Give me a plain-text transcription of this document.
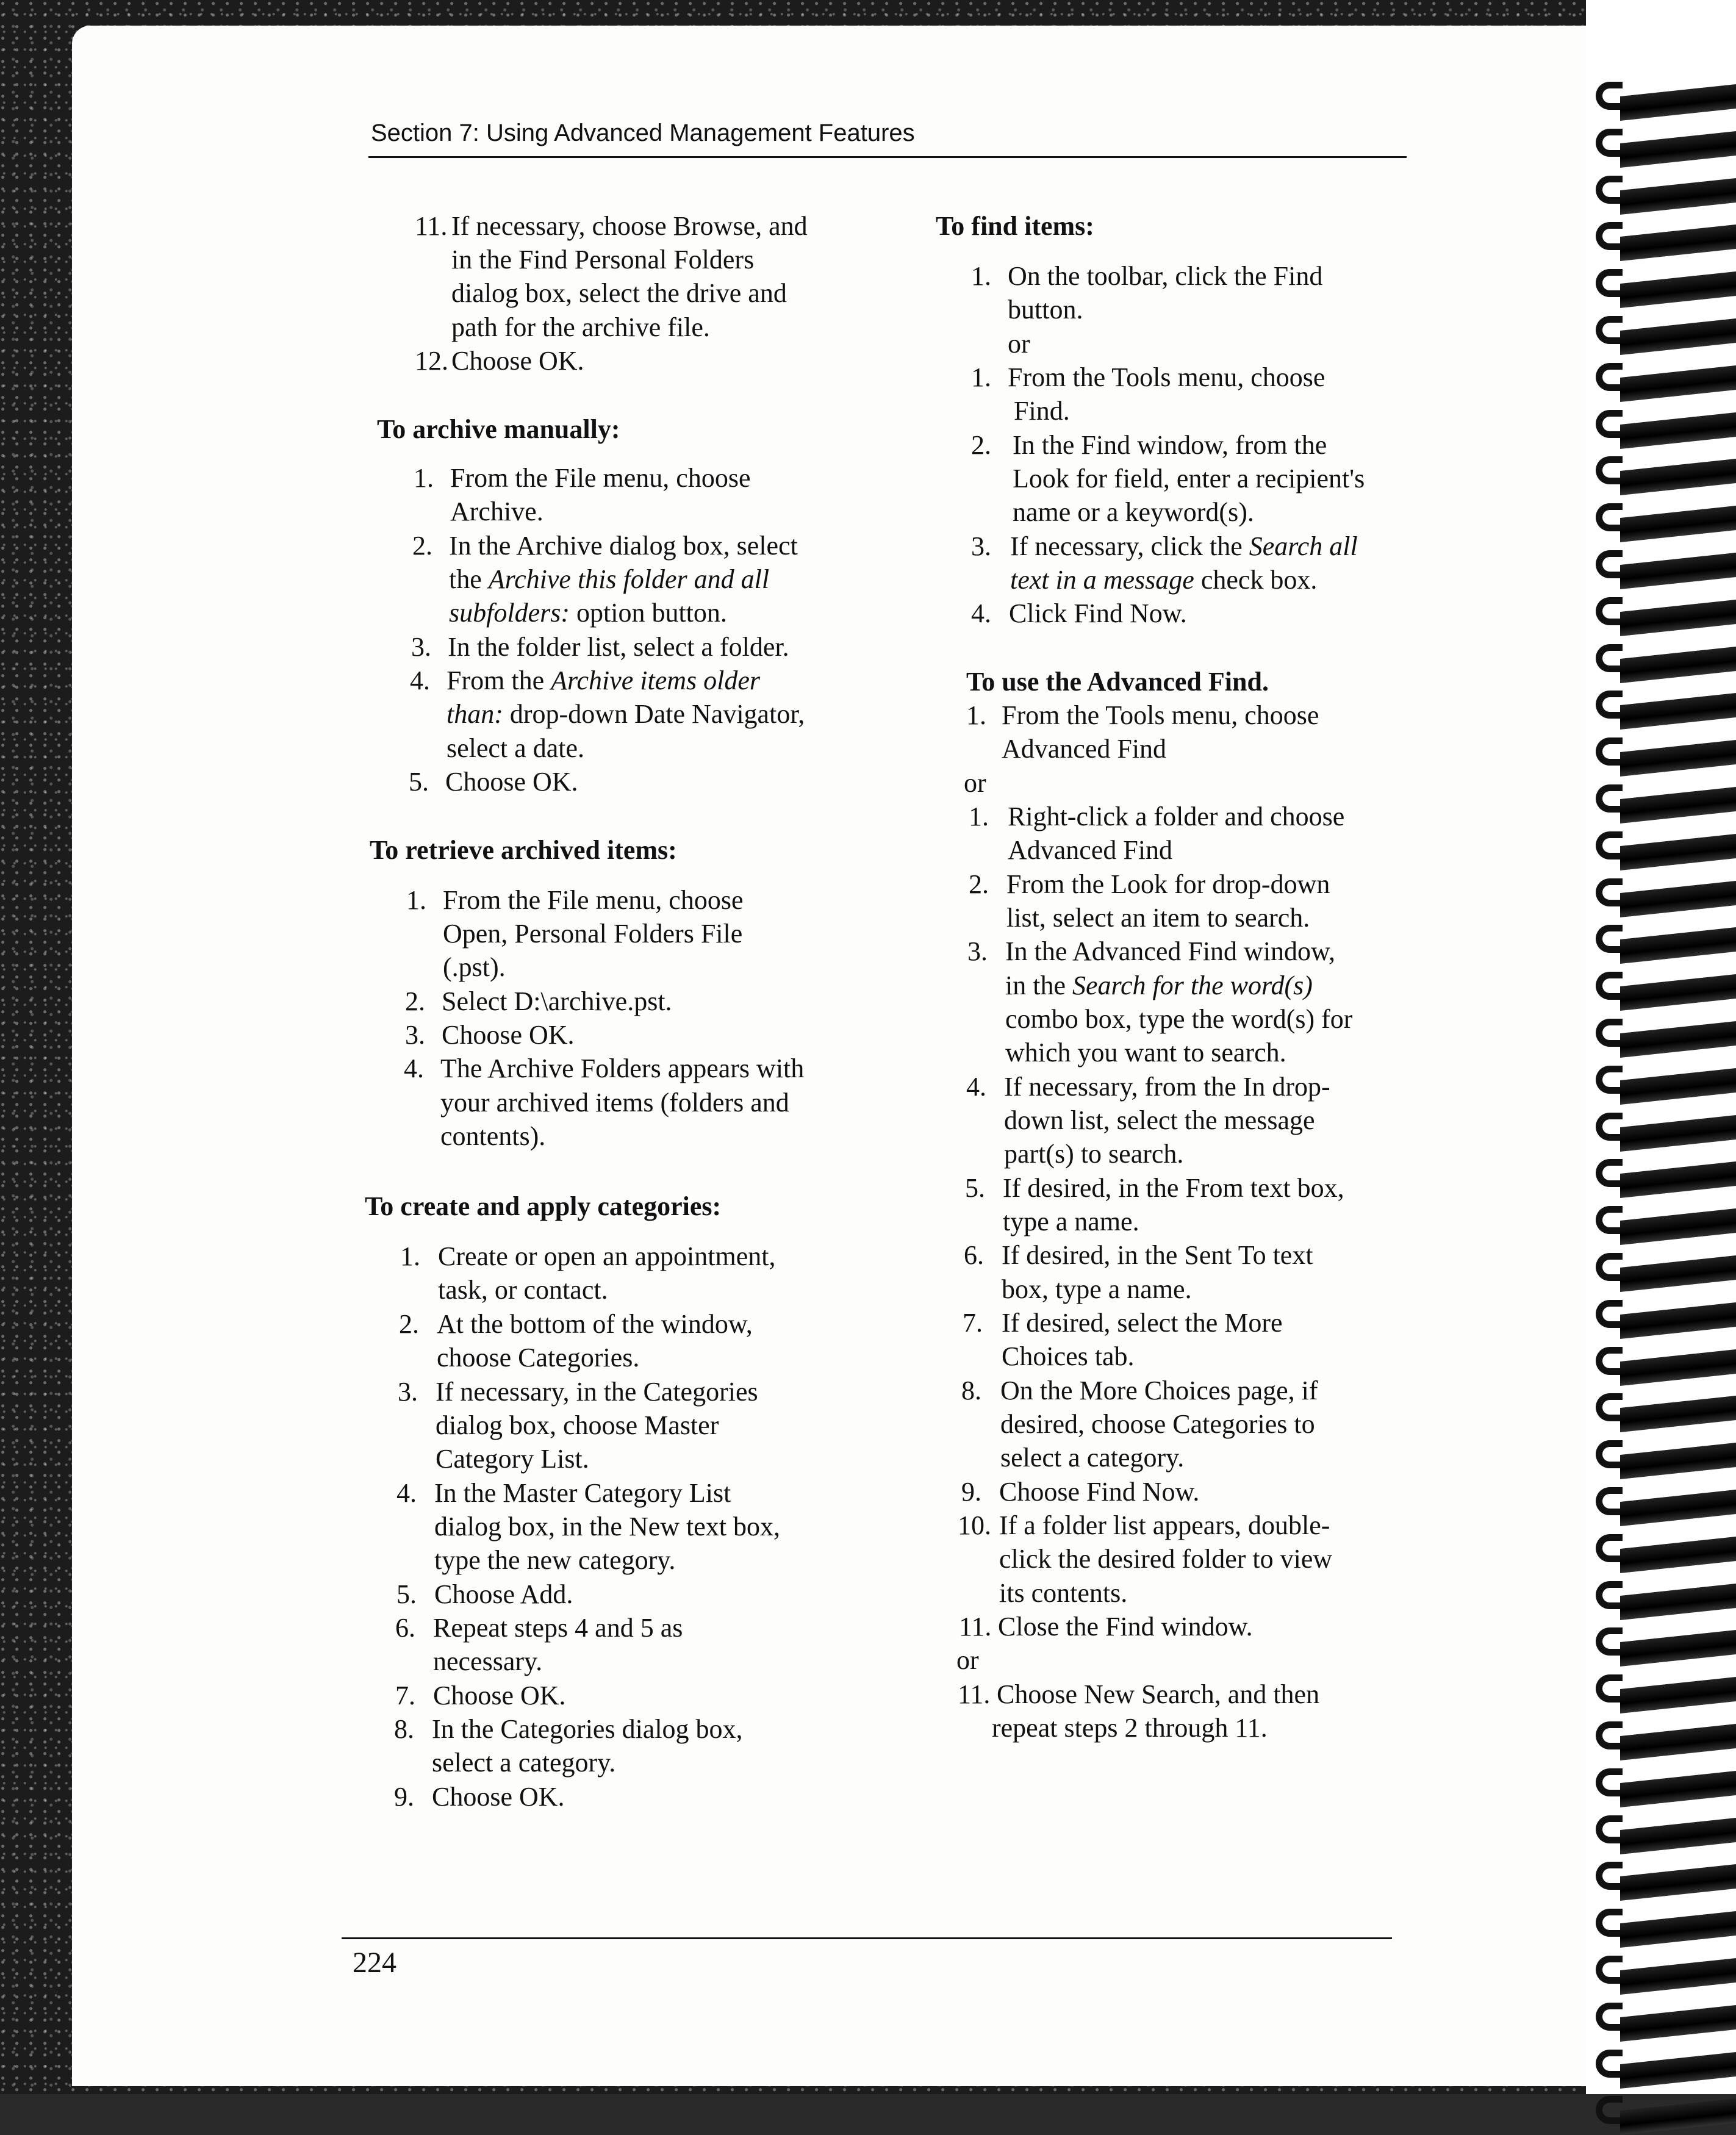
Section 7: Using Advanced Management Features
11. If necessary, choose Browse, and
in the Find Personal Folders
dialog box, select the drive and
path for the archive file.
12. Choose OK.
To archive manually:
1. From the File menu, choose
Archive.
2. In the Archive dialog box, select
the Archive this folder and all
subfolders: option button.
3. In the folder list, select a folder.
4. From the Archive items older
than: drop-down Date Navigator,
select a date.
5. Choose OK.
To retrieve archived items:
1. From the File menu, choose
Open, Personal Folders File
(.pst).
2. Select D:\archive.pst.
3. Choose OK.
4. The Archive Folders appears with
your archived items (folders and
contents).
To create and apply categories:
1. Create or open an appointment,
task, or contact.
2. At the bottom of the window,
choose Categories.
3. If necessary, in the Categories
dialog box, choose Master
Category List.
4. In the Master Category List
dialog box, in the New text box,
type the new category.
5. Choose Add.
6. Repeat steps 4 and 5 as
necessary.
7. Choose OK.
8. In the Categories dialog box,
select a category.
9. Choose OK.
To find items:
1. On the toolbar, click the Find
button.
or
1. From the Tools menu, choose
Find.
2. In the Find window, from the
Look for field, enter a recipient's
name or a keyword(s).
3. If necessary, click the Search all
text in a message check box.
4. Click Find Now.
To use the Advanced Find.
1. From the Tools menu, choose
Advanced Find
or
1. Right-click a folder and choose
Advanced Find
2. From the Look for drop-down
list, select an item to search.
3. In the Advanced Find window,
in the Search for the word(s)
combo box, type the word(s) for
which you want to search.
4. If necessary, from the In drop-
down list, select the message
part(s) to search.
5. If desired, in the From text box,
type a name.
6. If desired, in the Sent To text
box, type a name.
7. If desired, select the More
Choices tab.
8. On the More Choices page, if
desired, choose Categories to
select a category.
9. Choose Find Now.
10. If a folder list appears, double-
click the desired folder to view
its contents.
11. Close the Find window.
or
11. Choose New Search, and then
repeat steps 2 through 11.
224
